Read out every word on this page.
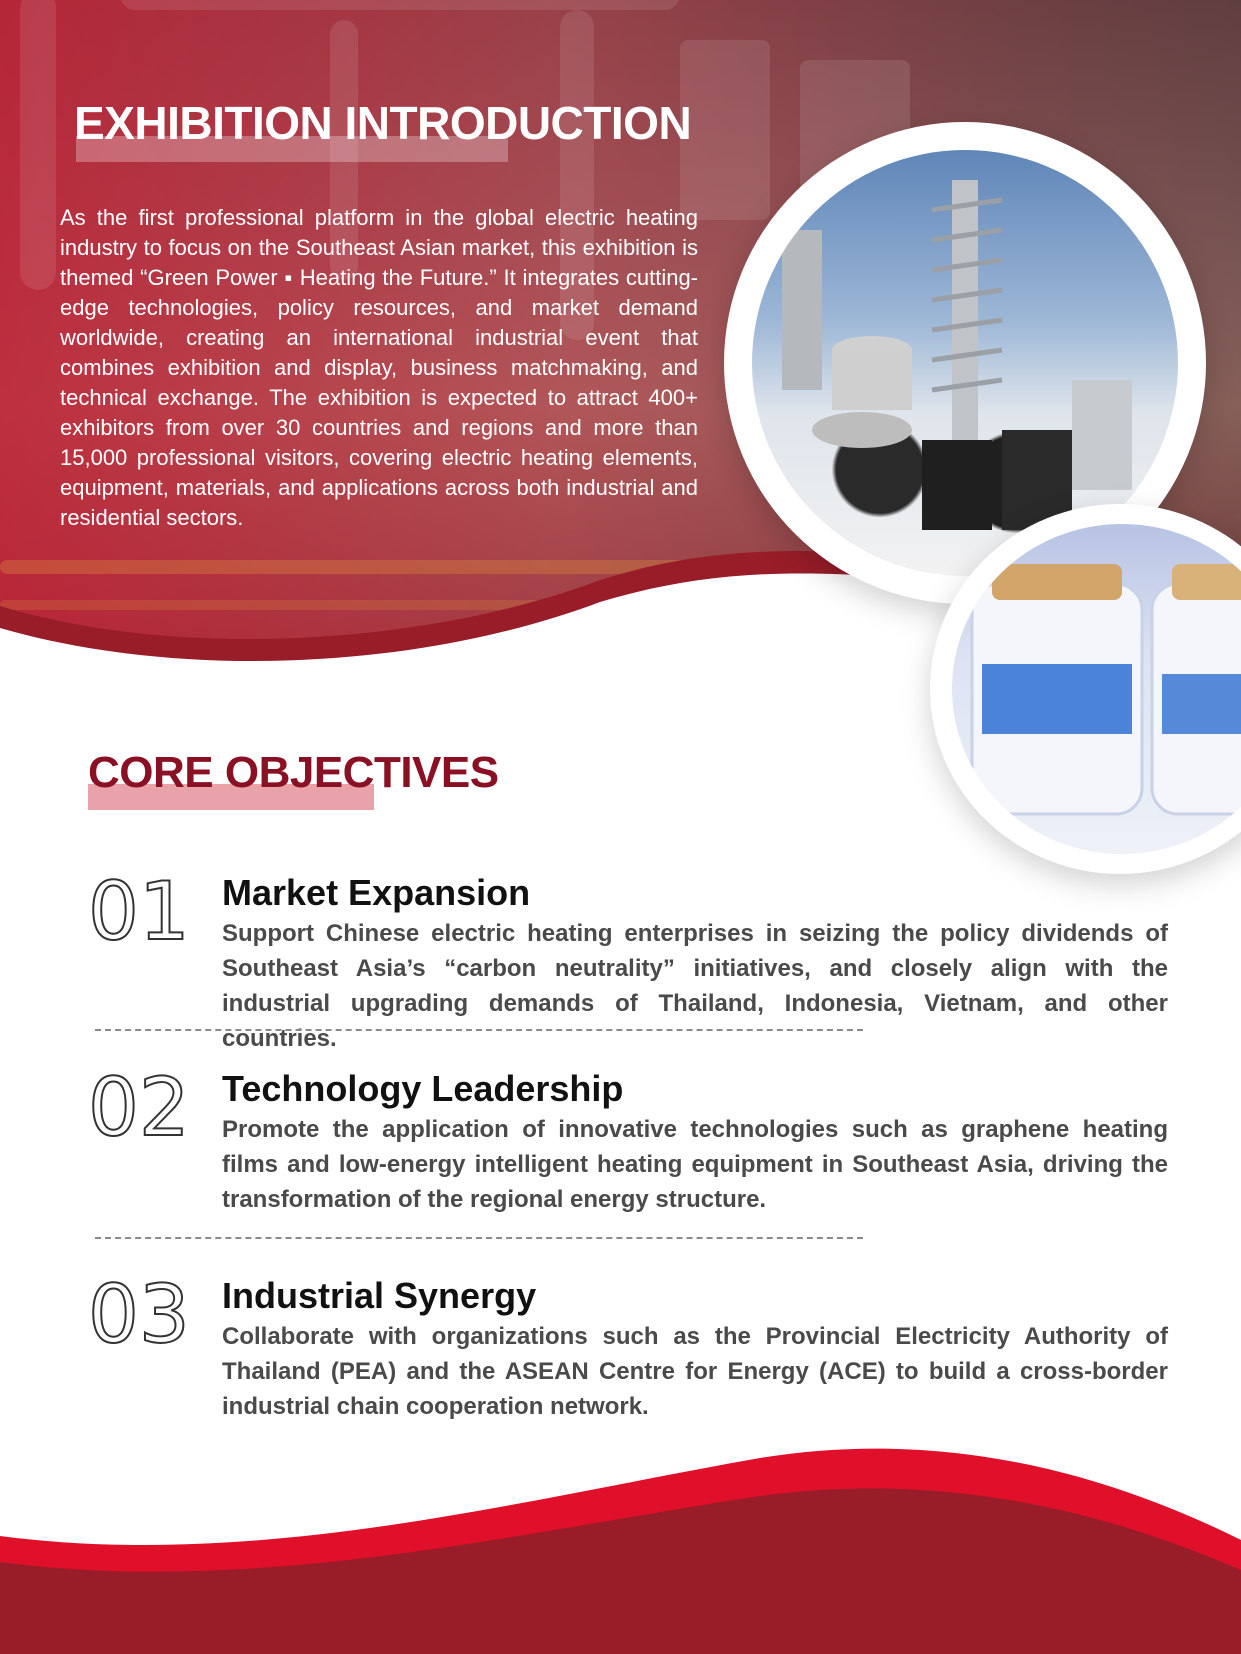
EXHIBITION INTRODUCTION

As the first professional platform in the global electric heating industry to focus on the Southeast Asian market, this exhibition is themed “Green Power ▪ Heating the Future.” It integrates cutting-edge technologies, policy resources, and market demand worldwide, creating an international industrial event that combines exhibition and display, business matchmaking, and technical exchange. The exhibition is expected to attract 400+ exhibitors from over 30 countries and regions and more than 15,000 professional visitors, covering electric heating elements, equipment, materials, and applications across both industrial and residential sectors.

CORE OBJECTIVES
01 Market Expansion

Support Chinese electric heating enterprises in seizing the policy dividends of Southeast Asia’s “carbon neutrality” initiatives, and closely align with the industrial upgrading demands of Thailand, Indonesia, Vietnam, and other countries.

02 Technology Leadership

Promote the application of innovative technologies such as graphene heating films and low-energy intelligent heating equipment in Southeast Asia, driving the transformation of the regional energy structure.

03 Industrial Synergy

Collaborate with organizations such as the Provincial Electricity Authority of Thailand (PEA) and the ASEAN Centre for Energy (ACE) to build a cross-border industrial chain cooperation network.
